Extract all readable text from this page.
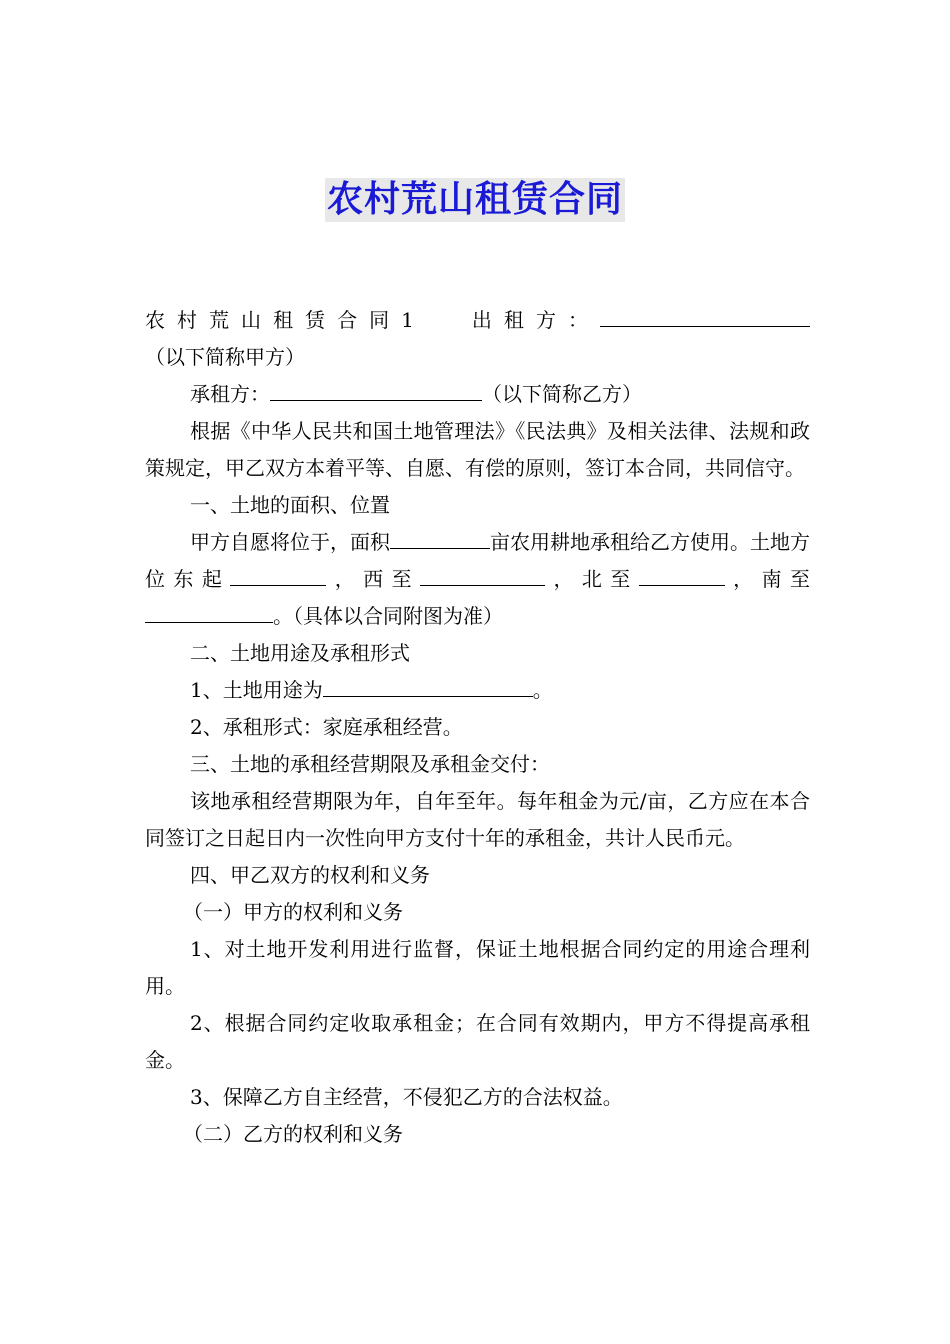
农村荒山租赁合同

农村荒山租赁合同1 出租方：（以下简称甲方）

承租方：	（以下简称乙方）

根据《中华人民共和国土地管理法》《民法典》及相关法律、法规和政策规定，甲乙双方本着平等、自愿、有偿的原则，签订本合同，共同信守。

一、土地的面积、位置

甲方自愿将位于，面积	亩农用耕地承租给乙方使用。土地方位东起	，西至	，北至	，南至。（具体以合同附图为准）

二、土地用途及承租形式

1、土地用途为	。

2、承租形式：家庭承租经营。

三、土地的承租经营期限及承租金交付：

该地承租经营期限为年，自年至年。每年租金为元/亩，乙方应在本合同签订之日起日内一次性向甲方支付十年的承租金，共计人民币元。

四、甲乙双方的权利和义务

（一）甲方的权利和义务

1、对土地开发利用进行监督，保证土地根据合同约定的用途合理利用。

2、根据合同约定收取承租金；在合同有效期内，甲方不得提高承租金。

3、保障乙方自主经营，不侵犯乙方的合法权益。

（二）乙方的权利和义务
